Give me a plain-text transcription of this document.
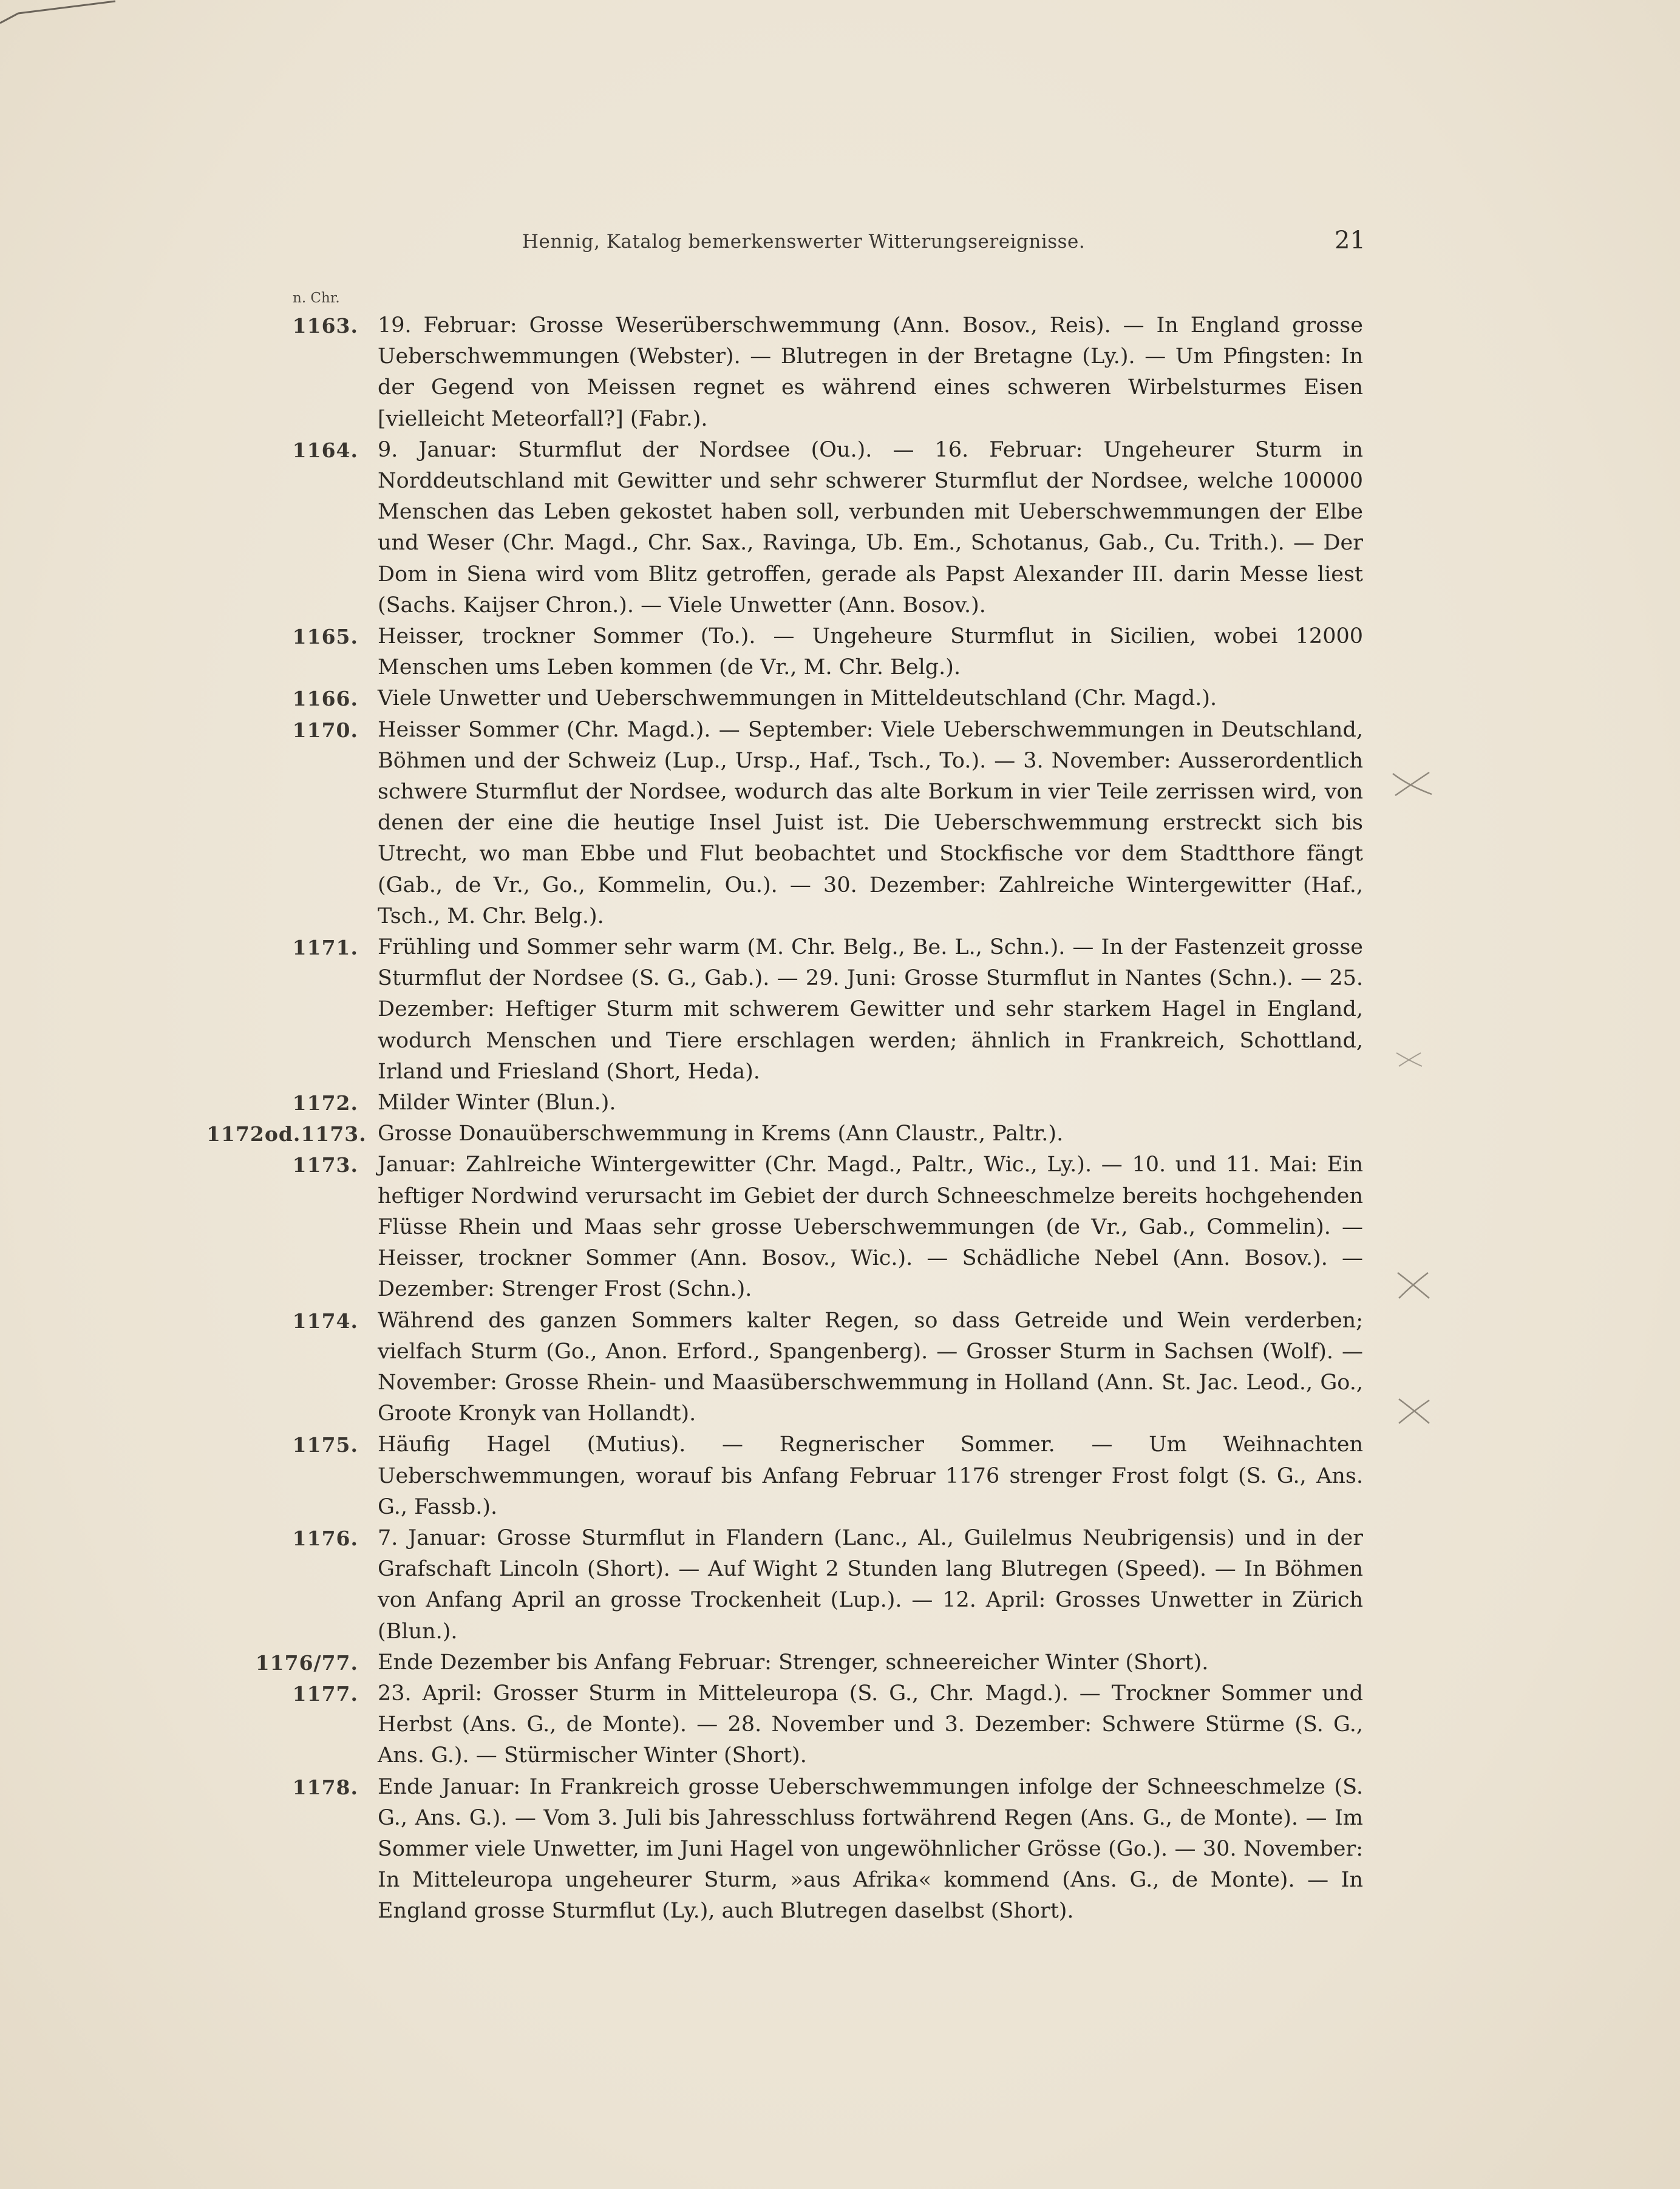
Hennig, Katalog bemerkenswerter Witterungsereignisse.	21
n. Chr.
1163. 19. Februar: Grosse Weserüberschwemmung (Ann. Bosov., Reis). — In England grosse Ueberschwemmungen (Webster). — Blutregen in der Bretagne (Ly.). — Um Pfingsten: In der Gegend von Meissen regnet es während eines schweren Wirbelsturmes Eisen [vielleicht Meteorfall?] (Fabr.).
1164. 9. Januar: Sturmflut der Nordsee (Ou.). — 16. Februar: Ungeheurer Sturm in Norddeutschland mit Gewitter und sehr schwerer Sturmflut der Nordsee, welche 100000 Menschen das Leben gekostet haben soll, verbunden mit Ueberschwemmungen der Elbe und Weser (Chr. Magd., Chr. Sax., Ravinga, Ub. Em., Schotanus, Gab., Cu. Trith.). — Der Dom in Siena wird vom Blitz getroffen, gerade als Papst Alexander III. darin Messe liest (Sachs. Kaijser Chron.). — Viele Unwetter (Ann. Bosov.).
1165. Heisser, trockner Sommer (To.). — Ungeheure Sturmflut in Sicilien, wobei 12000 Menschen ums Leben kommen (de Vr., M. Chr. Belg.).
1166. Viele Unwetter und Ueberschwemmungen in Mitteldeutschland (Chr. Magd.).
1170. Heisser Sommer (Chr. Magd.). — September: Viele Ueberschwemmungen in Deutschland, Böhmen und der Schweiz (Lup., Ursp., Haf., Tsch., To.). — 3. November: Ausserordentlich schwere Sturmflut der Nordsee, wodurch das alte Borkum in vier Teile zerrissen wird, von denen der eine die heutige Insel Juist ist. Die Ueberschwemmung erstreckt sich bis Utrecht, wo man Ebbe und Flut beobachtet und Stockfische vor dem Stadtthore fängt (Gab., de Vr., Go., Kommelin, Ou.). — 30. Dezember: Zahlreiche Wintergewitter (Haf., Tsch., M. Chr. Belg.).
1171. Frühling und Sommer sehr warm (M. Chr. Belg., Be. L., Schn.). — In der Fastenzeit grosse Sturmflut der Nordsee (S. G., Gab.). — 29. Juni: Grosse Sturmflut in Nantes (Schn.). — 25. Dezember: Heftiger Sturm mit schwerem Gewitter und sehr starkem Hagel in England, wodurch Menschen und Tiere erschlagen werden; ähnlich in Frankreich, Schottland, Irland und Friesland (Short, Heda).
1172. Milder Winter (Blun.).
1172od.1173. Grosse Donauüberschwemmung in Krems (Ann Claustr., Paltr.).
1173. Januar: Zahlreiche Wintergewitter (Chr. Magd., Paltr., Wic., Ly.). — 10. und 11. Mai: Ein heftiger Nordwind verursacht im Gebiet der durch Schneeschmelze bereits hochgehenden Flüsse Rhein und Maas sehr grosse Ueberschwemmungen (de Vr., Gab., Commelin). — Heisser, trockner Sommer (Ann. Bosov., Wic.). — Schädliche Nebel (Ann. Bosov.). — Dezember: Strenger Frost (Schn.).
1174. Während des ganzen Sommers kalter Regen, so dass Getreide und Wein verderben; vielfach Sturm (Go., Anon. Erford., Spangenberg). — Grosser Sturm in Sachsen (Wolf). — November: Grosse Rhein- und Maasüberschwemmung in Holland (Ann. St. Jac. Leod., Go., Groote Kronyk van Hollandt).
1175. Häufig Hagel (Mutius). — Regnerischer Sommer. — Um Weihnachten Ueberschwemmungen, worauf bis Anfang Februar 1176 strenger Frost folgt (S. G., Ans. G., Fassb.).
1176. 7. Januar: Grosse Sturmflut in Flandern (Lanc., Al., Guilelmus Neubrigensis) und in der Grafschaft Lincoln (Short). — Auf Wight 2 Stunden lang Blutregen (Speed). — In Böhmen von Anfang April an grosse Trockenheit (Lup.). — 12. April: Grosses Unwetter in Zürich (Blun.).
1176/77. Ende Dezember bis Anfang Februar: Strenger, schneereicher Winter (Short).
1177. 23. April: Grosser Sturm in Mitteleuropa (S. G., Chr. Magd.). — Trockner Sommer und Herbst (Ans. G., de Monte). — 28. November und 3. Dezember: Schwere Stürme (S. G., Ans. G.). — Stürmischer Winter (Short).
1178. Ende Januar: In Frankreich grosse Ueberschwemmungen infolge der Schneeschmelze (S. G., Ans. G.). — Vom 3. Juli bis Jahresschluss fortwährend Regen (Ans. G., de Monte). — Im Sommer viele Unwetter, im Juni Hagel von ungewöhnlicher Grösse (Go.). — 30. November: In Mitteleuropa ungeheurer Sturm, »aus Afrika« kommend (Ans. G., de Monte). — In England grosse Sturmflut (Ly.), auch Blutregen daselbst (Short).
